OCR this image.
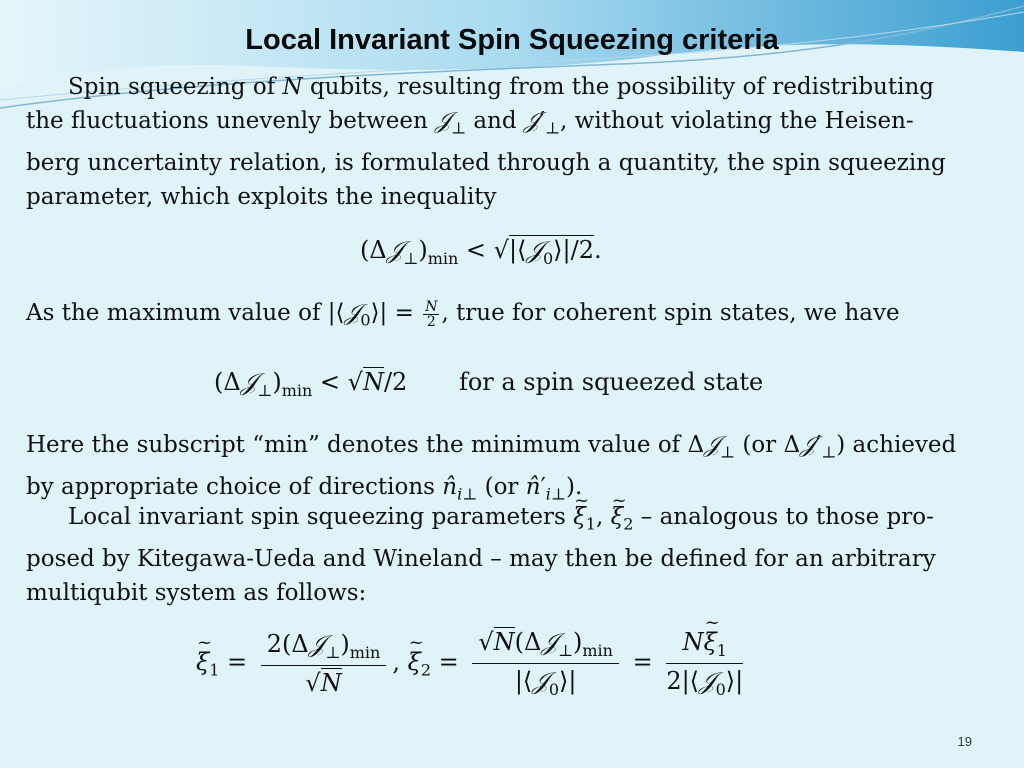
Local Invariant Spin Squeezing criteria
Spin squeezing of N qubits, resulting from the possibility of redistributing
the fluctuations unevenly between 𝒥$_\perp$ and $𝒥'_\perp$, without violating the Heisen-
berg uncertainty relation, is formulated through a quantity, the spin squeezing
parameter, which exploits the inequality
$(\Delta 𝒥_\perp)_{min}$ < √|⟨𝒥$_0$⟩|/2.
As the maximum value of |⟨𝒥$_0$⟩| = $\frac{N}{2}$ , true for coherent spin states, we have
$(\Delta 𝒥_\perp)_{min} < √N/2$ for a spin squeezed state
Here the subscript “min” denotes the minimum value of Δ𝒥$_\perp$ (or $\Delta 𝒥'_\perp$) achieved
by appropriate choice of directions $n̂_{i\perp}$ (or $n̂'_{i\perp}$).
Local invariant spin squeezing parameters ~ $\xi_1$, ~ $\xi_2$ – analogous to those pro-
posed by Kitegawa-Ueda and Wineland – may then be defined for an arbitrary
multiqubit system as follows:
~ $\xi_1 = \frac{2(\Delta 𝒥_\perp)_{min}}{√N}$ , ~ $\xi_2 = \frac{√N(\Delta 𝒥_\perp)_{min}}{|⟨𝒥_0⟩|} = \frac{N\sim \xi_1}{2|⟨𝒥_0⟩|}$
19
